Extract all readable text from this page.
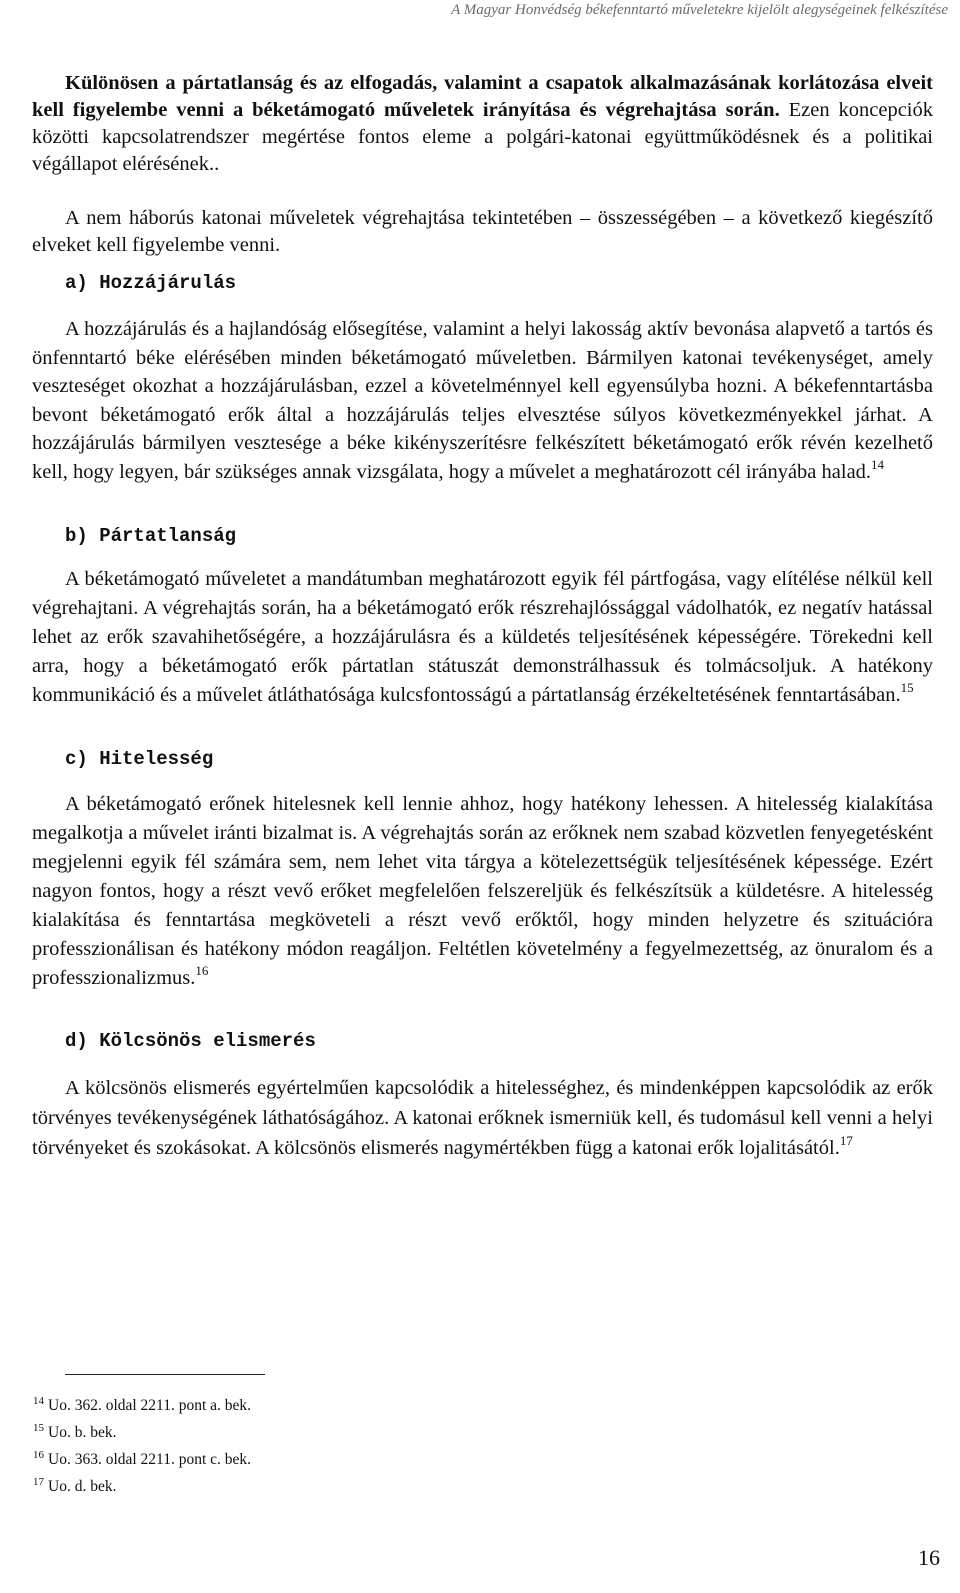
A Magyar Honvédség békefenntartó műveletekre kijelölt alegységeinek felkészítése
Különösen a pártatlanság és az elfogadás, valamint a csapatok alkalmazásának korlátozása elveit kell figyelembe venni a béketámogató műveletek irányítása és végrehajtása során. Ezen koncepciók közötti kapcsolatrendszer megértése fontos eleme a polgári-katonai együttműködésnek és a politikai végállapot elérésének..
A nem háborús katonai műveletek végrehajtása tekintetében – összességében – a következő kiegészítő elveket kell figyelembe venni.
a) Hozzájárulás
A hozzájárulás és a hajlandóság elősegítése, valamint a helyi lakosság aktív bevonása alapvető a tartós és önfenntartó béke elérésében minden béketámogató műveletben. Bármilyen katonai tevékenységet, amely veszteséget okozhat a hozzájárulásban, ezzel a követelménnyel kell egyensúlyba hozni. A békefenntartásba bevont béketámogató erők által a hozzájárulás teljes elvesztése súlyos következményekkel járhat. A hozzájárulás bármilyen vesztesége a béke kikényszerítésre felkészített béketámogató erők révén kezelhető kell, hogy legyen, bár szükséges annak vizsgálata, hogy a művelet a meghatározott cél irányába halad.$^{14}$
b) Pártatlanság
A béketámogató műveletet a mandátumban meghatározott egyik fél pártfogása, vagy elítélése nélkül kell végrehajtani. A végrehajtás során, ha a béketámogató erők részrehajlóssággal vádolhatók, ez negatív hatással lehet az erők szavahihetőségére, a hozzájárulásra és a küldetés teljesítésének képességére. Törekedni kell arra, hogy a béketámogató erők pártatlan státuszát demonstrálhassuk és tolmácsoljuk. A hatékony kommunikáció és a művelet átláthatósága kulcsfontosságú a pártatlanság érzékeltetésének fenntartásában.$^{15}$
c) Hitelesség
A béketámogató erőnek hitelesnek kell lennie ahhoz, hogy hatékony lehessen. A hitelesség kialakítása megalkotja a művelet iránti bizalmat is. A végrehajtás során az erőknek nem szabad közvetlen fenyegetésként megjelenni egyik fél számára sem, nem lehet vita tárgya a kötelezettségük teljesítésének képessége. Ezért nagyon fontos, hogy a részt vevő erőket megfelelően felszereljük és felkészítsük a küldetésre. A hitelesség kialakítása és fenntartása megköveteli a részt vevő erőktől, hogy minden helyzetre és szituációra professzionálisan és hatékony módon reagáljon. Feltétlen követelmény a fegyelmezettség, az önuralom és a professzionalizmus.$^{16}$
d) Kölcsönös elismerés
A kölcsönös elismerés egyértelműen kapcsolódik a hitelességhez, és mindenképpen kapcsolódik az erők törvényes tevékenységének láthatóságához. A katonai erőknek ismerniük kell, és tudomásul kell venni a helyi törvényeket és szokásokat. A kölcsönös elismerés nagymértékben függ a katonai erők lojalitásától.$^{17}$
$^{14}$ Uo. 362. oldal 2211. pont a. bek.
$^{15}$ Uo. b. bek.
$^{16}$ Uo. 363. oldal 2211. pont c. bek.
$^{17}$ Uo. d. bek.
16
